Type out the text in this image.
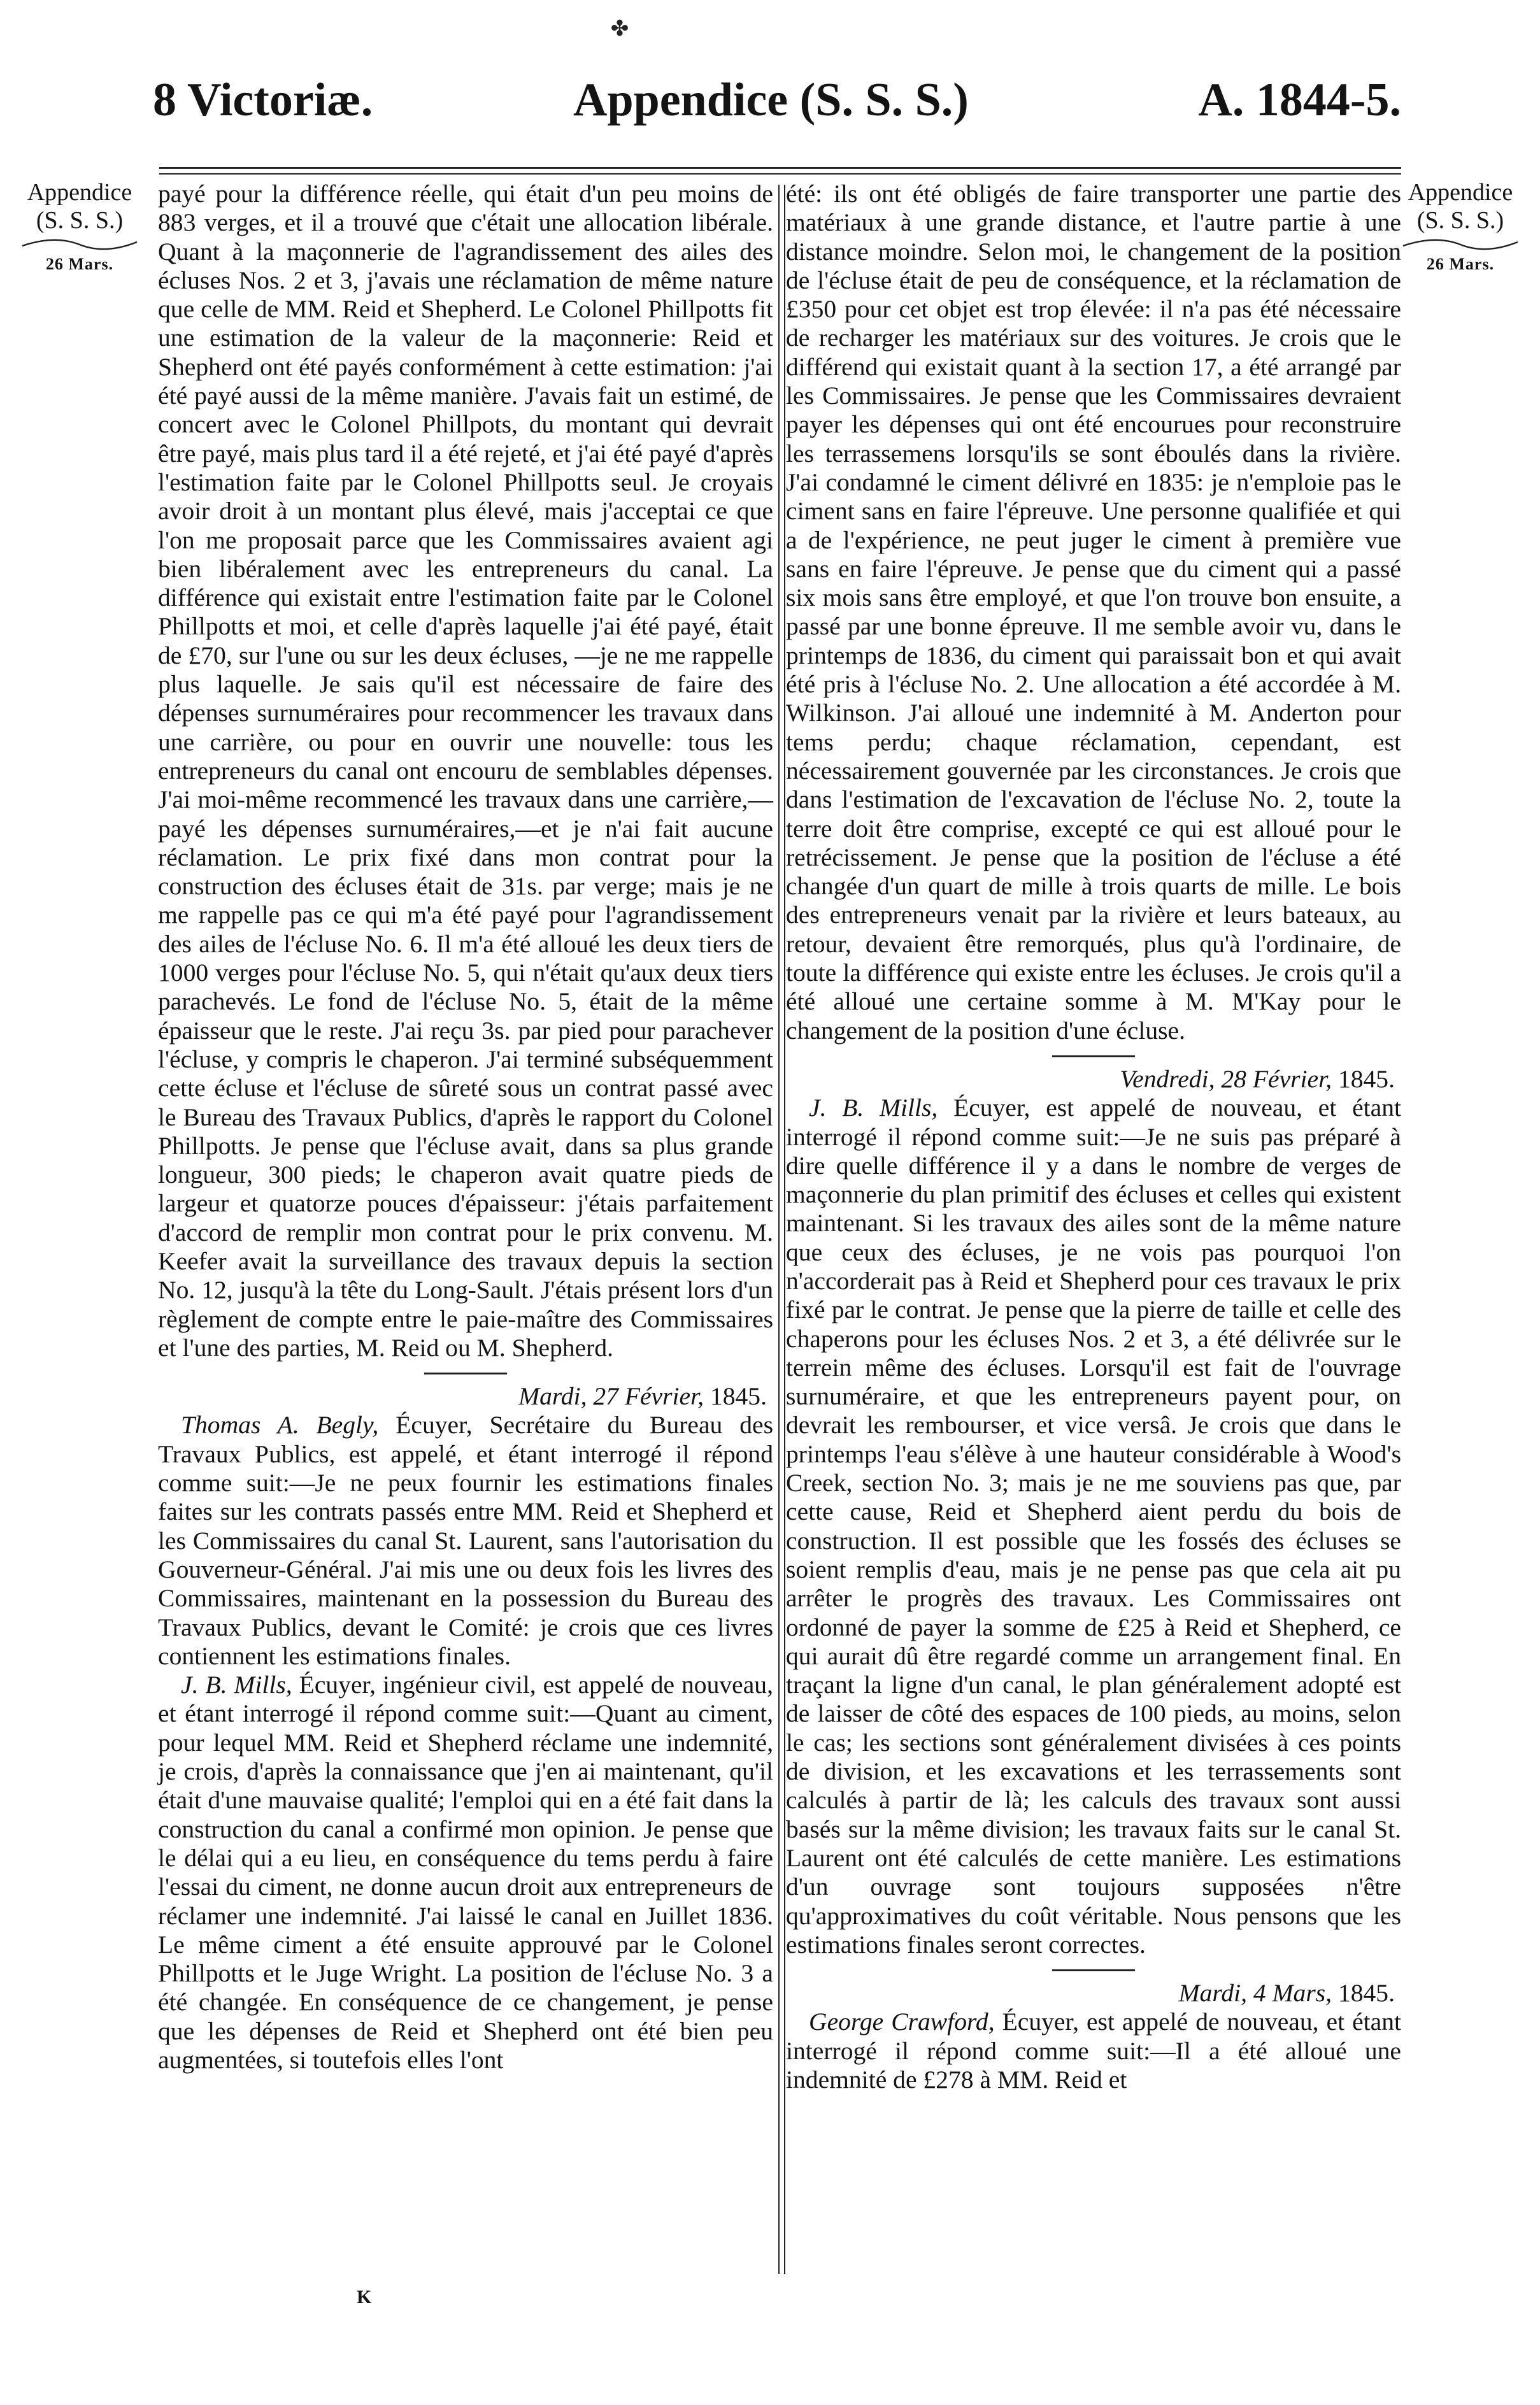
✤
8 Victoriæ.	Appendice (S. S. S.)	A. 1844-5.
Appendice
(S. S. S.)
26 Mars.
Appendice
(S. S. S.)
26 Mars.

payé pour la différence réelle, qui était d'un peu moins de 883 verges, et il a trouvé que c'était une allocation libérale. Quant à la maçonnerie de l'agrandissement des ailes des écluses Nos. 2 et 3, j'avais une réclamation de même nature que celle de MM. Reid et Shepherd. Le Colonel Phillpotts fit une estimation de la valeur de la maçonnerie: Reid et Shepherd ont été payés conformément à cette estimation: j'ai été payé aussi de la même manière. J'avais fait un estimé, de concert avec le Colonel Phillpots, du montant qui devrait être payé, mais plus tard il a été rejeté, et j'ai été payé d'après l'estimation faite par le Colonel Phillpotts seul. Je croyais avoir droit à un montant plus élevé, mais j'acceptai ce que l'on me proposait parce que les Commissaires avaient agi bien libéralement avec les entrepreneurs du canal. La différence qui existait entre l'estimation faite par le Colonel Phillpotts et moi, et celle d'après laquelle j'ai été payé, était de £70, sur l'une ou sur les deux écluses, —je ne me rappelle plus laquelle. Je sais qu'il est nécessaire de faire des dépenses surnuméraires pour recommencer les travaux dans une carrière, ou pour en ouvrir une nouvelle: tous les entrepreneurs du canal ont encouru de semblables dépenses. J'ai moi-même recommencé les travaux dans une carrière,—payé les dépenses surnuméraires,—et je n'ai fait aucune réclamation. Le prix fixé dans mon contrat pour la construction des écluses était de 31s. par verge; mais je ne me rappelle pas ce qui m'a été payé pour l'agrandissement des ailes de l'écluse No. 6. Il m'a été alloué les deux tiers de 1000 verges pour l'écluse No. 5, qui n'était qu'aux deux tiers parachevés. Le fond de l'écluse No. 5, était de la même épaisseur que le reste. J'ai reçu 3s. par pied pour parachever l'écluse, y compris le chaperon. J'ai terminé subséquemment cette écluse et l'écluse de sûreté sous un contrat passé avec le Bureau des Travaux Publics, d'après le rapport du Colonel Phillpotts. Je pense que l'écluse avait, dans sa plus grande longueur, 300 pieds; le chaperon avait quatre pieds de largeur et quatorze pouces d'épaisseur: j'étais parfaitement d'accord de remplir mon contrat pour le prix convenu. M. Keefer avait la surveillance des travaux depuis la section No. 12, jusqu'à la tête du Long-Sault. J'étais présent lors d'un règlement de compte entre le paie-maître des Commissaires et l'une des parties, M. Reid ou M. Shepherd.

Mardi, 27 Février, 1845.

Thomas A. Begly, Écuyer, Secrétaire du Bureau des Travaux Publics, est appelé, et étant interrogé il répond comme suit:—Je ne peux fournir les estimations finales faites sur les contrats passés entre MM. Reid et Shepherd et les Commissaires du canal St. Laurent, sans l'autorisation du Gouverneur-Général. J'ai mis une ou deux fois les livres des Commissaires, maintenant en la possession du Bureau des Travaux Publics, devant le Comité: je crois que ces livres contiennent les estimations finales.

J. B. Mills, Écuyer, ingénieur civil, est appelé de nouveau, et étant interrogé il répond comme suit:—Quant au ciment, pour lequel MM. Reid et Shepherd réclame une indemnité, je crois, d'après la connaissance que j'en ai maintenant, qu'il était d'une mauvaise qualité; l'emploi qui en a été fait dans la construction du canal a confirmé mon opinion. Je pense que le délai qui a eu lieu, en conséquence du tems perdu à faire l'essai du ciment, ne donne aucun droit aux entrepreneurs de réclamer une indemnité. J'ai laissé le canal en Juillet 1836. Le même ciment a été ensuite approuvé par le Colonel Phillpotts et le Juge Wright. La position de l'écluse No. 3 a été changée. En conséquence de ce changement, je pense que les dépenses de Reid et Shepherd ont été bien peu augmentées, si toutefois elles l'ont

été: ils ont été obligés de faire transporter une partie des matériaux à une grande distance, et l'autre partie à une distance moindre. Selon moi, le changement de la position de l'écluse était de peu de conséquence, et la réclamation de £350 pour cet objet est trop élevée: il n'a pas été nécessaire de recharger les matériaux sur des voitures. Je crois que le différend qui existait quant à la section 17, a été arrangé par les Commissaires. Je pense que les Commissaires devraient payer les dépenses qui ont été encourues pour reconstruire les terrassemens lorsqu'ils se sont éboulés dans la rivière. J'ai condamné le ciment délivré en 1835: je n'emploie pas le ciment sans en faire l'épreuve. Une personne qualifiée et qui a de l'expérience, ne peut juger le ciment à première vue sans en faire l'épreuve. Je pense que du ciment qui a passé six mois sans être employé, et que l'on trouve bon ensuite, a passé par une bonne épreuve. Il me semble avoir vu, dans le printemps de 1836, du ciment qui paraissait bon et qui avait été pris à l'écluse No. 2. Une allocation a été accordée à M. Wilkinson. J'ai alloué une indemnité à M. Anderton pour tems perdu; chaque réclamation, cependant, est nécessairement gouvernée par les circonstances. Je crois que dans l'estimation de l'excavation de l'écluse No. 2, toute la terre doit être comprise, excepté ce qui est alloué pour le retrécissement. Je pense que la position de l'écluse a été changée d'un quart de mille à trois quarts de mille. Le bois des entrepreneurs venait par la rivière et leurs bateaux, au retour, devaient être remorqués, plus qu'à l'ordinaire, de toute la différence qui existe entre les écluses. Je crois qu'il a été alloué une certaine somme à M. M'Kay pour le changement de la position d'une écluse.

Vendredi, 28 Février, 1845.

J. B. Mills, Écuyer, est appelé de nouveau, et étant interrogé il répond comme suit:—Je ne suis pas préparé à dire quelle différence il y a dans le nombre de verges de maçonnerie du plan primitif des écluses et celles qui existent maintenant. Si les travaux des ailes sont de la même nature que ceux des écluses, je ne vois pas pourquoi l'on n'accorderait pas à Reid et Shepherd pour ces travaux le prix fixé par le contrat. Je pense que la pierre de taille et celle des chaperons pour les écluses Nos. 2 et 3, a été délivrée sur le terrein même des écluses. Lorsqu'il est fait de l'ouvrage surnuméraire, et que les entrepreneurs payent pour, on devrait les rembourser, et vice versâ. Je crois que dans le printemps l'eau s'élève à une hauteur considérable à Wood's Creek, section No. 3; mais je ne me souviens pas que, par cette cause, Reid et Shepherd aient perdu du bois de construction. Il est possible que les fossés des écluses se soient remplis d'eau, mais je ne pense pas que cela ait pu arrêter le progrès des travaux. Les Commissaires ont ordonné de payer la somme de £25 à Reid et Shepherd, ce qui aurait dû être regardé comme un arrangement final. En traçant la ligne d'un canal, le plan généralement adopté est de laisser de côté des espaces de 100 pieds, au moins, selon le cas; les sections sont généralement divisées à ces points de division, et les excavations et les terrassements sont calculés à partir de là; les calculs des travaux sont aussi basés sur la même division; les travaux faits sur le canal St. Laurent ont été calculés de cette manière. Les estimations d'un ouvrage sont toujours supposées n'être qu'approximatives du coût véritable. Nous pensons que les estimations finales seront correctes.

Mardi, 4 Mars, 1845.

George Crawford, Écuyer, est appelé de nouveau, et étant interrogé il répond comme suit:—Il a été alloué une indemnité de £278 à MM. Reid et

K
